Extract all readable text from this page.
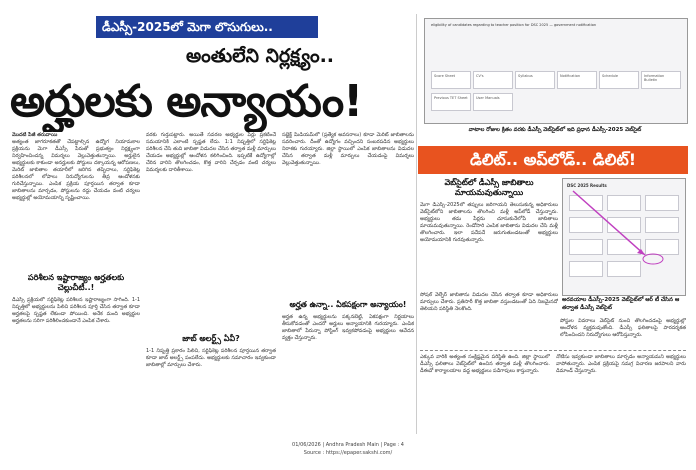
డీఎస్సీ-2025లో మెగా లొసుగులు..
అంతులేని నిర్లక్ష్యం..
అర్హులకు అన్యాయం!
మొదటి పేజీ తరువాయి
అత్యంత జాగరూకతతో చేపట్టాల్సిన ఉద్యోగ నియామకాల ప్రక్రియను మెగా డీఎస్సీ పేరుతో ప్రభుత్వం నిర్లక్ష్యంగా నిర్వహించిందన్న విమర్శలు వెల్లువెత్తుతున్నాయి. అర్హులైన అభ్యర్థులకు కాకుండా అనర్హులకు పోస్టులు దక్కాయన్న ఆరోపణలు, మెరిట్ జాబితాల తయారీలో జరిగిన తప్పిదాలు, సర్టిఫికెట్ల పరిశీలనలో లోపాలు నిరుద్యోగులను తీవ్ర ఆందోళనకు గురిచేస్తున్నాయి. ఎంపిక ప్రక్రియ పూర్తయిన తర్వాత కూడా జాబితాలను మార్చడం, పోస్టులను రద్దు చేయడం వంటి చర్యలు అభ్యర్థుల్లో అయోమయాన్ని సృష్టించాయి.
పరిశీలన ఇష్టారాజ్యం అర్హతలకు చెల్లుచీటీ..!
డీఎస్సీ ప్రక్రియలో సర్టిఫికెట్ల పరిశీలన ఇష్టారాజ్యంగా సాగింది. 1-1 నిష్పత్తిలో అభ్యర్థులను పిలిచి పరిశీలన పూర్తి చేసిన తర్వాత కూడా అర్హతలపై స్పష్టత లేకుండా పోయింది. అనేక మంది అభ్యర్థుల అర్హతలను సరిగా పరిశీలించకుండానే ఎంపిక చేశారు.
వరకు గుర్తుపట్టారు. అయితే సవరణ అభ్యర్థుల పేర్లు ప్రకటించే సమయానికి ఎలాంటి స్పష్టత లేదు. 1:1 నిష్పత్తిలో సర్టిఫికెట్ల పరిశీలన చేసి తుది జాబితా విడుదల చేసిన తర్వాత మళ్లీ మార్పులు చేయడం అభ్యర్థుల్లో ఆందోళన కలిగించింది. ఇప్పటికే ఉద్యోగాల్లో చేరిన వారిని తొలగించడం, కొత్త వారిని చేర్చడం వంటి చర్యలు విమర్శలకు దారితీశాయి.
జాబ్ అలర్ట్స్ ఏవీ?
1-1 నిష్పత్తి ప్రకారం పిలిచి, సర్టిఫికెట్ల పరిశీలన పూర్తయిన తర్వాత కూడా జాబ్ అలర్ట్స్ పంపలేదు. అభ్యర్థులకు సమాచారం ఇవ్వకుండా జాబితాల్లో మార్పులు చేశారు.
సబ్జెక్ట్‌ మీడియమ్‌లో (ప్రత్యేక అవసరాలు) కూడా మెరిట్ జాబితాలను సవరించారు. దీంతో ఉద్యోగం వచ్చిందని సంబరపడిన అభ్యర్థులు నిరాశకు గురయ్యారు. జిల్లా స్థాయిలో ఎంపిక జాబితాలను విడుదల చేసిన తర్వాత మళ్లీ మార్పులు చేయడంపై విమర్శలు వెల్లువెత్తుతున్నాయి.
అర్హత ఉన్నా.. ఏకపక్షంగా అన్యాయం!
అర్హత ఉన్న అభ్యర్థులను పక్కనబెట్టి, ఏకపక్షంగా నిర్ణయాలు తీసుకోవడంతో ఎందరో అర్హులు అన్యాయానికి గురయ్యారు. ఎంపిక జాబితాలో పేరున్నా పోస్టింగ్ ఇవ్వకపోవడంపై అభ్యర్థులు ఆవేదన వ్యక్తం చేస్తున్నారు.
eligibility of candidates regarding to teacher position for DSC 2025 — government notification
Score Sheet	CV's	Syllabus	Notification	Schedule	Information Bulletin
Previous TET Sheet	User Manuals
వాటాల రోజుల క్రితం వరకు డీఎస్సీ వెబ్‌సైట్‌లో ఇది ప్రధాన డీఎస్సీ-2025 వెబ్‌సైట్
డిలిట్.. అప్‌లోడ్.. డిలిట్!
వెబ్‌సైట్‌లో డీఎస్సీ జాబితాలు మాయమవుతున్నాయి
మెగా డీఎస్సీ-2025లో తప్పులు జరిగాయని తెలుసుకున్న అధికారులు వెబ్‌సైట్‌లోని జాబితాలను తొలగించి మళ్లీ అప్‌లోడ్ చేస్తున్నారు. అభ్యర్థులు తమ పేర్లను చూసుకునేలోపే జాబితాలు మాయమవుతున్నాయి. రెండోసారి ఎంపిక జాబితాను విడుదల చేసి మళ్లీ తొలగించారు. ఇలా పదేపదే జరుగుతుండటంతో అభ్యర్థులు అయోమయానికి గురవుతున్నారు.
సోషల్ వెల్ఫేర్ జాబితాను విడుదల చేసిన తర్వాత కూడా అధికారులు మార్పులు చేశారు. ప్రతిసారీ కొత్త జాబితా వస్తుండటంతో ఏది నిజమైనదో తెలియని పరిస్థితి నెలకొంది.
DSC 2025 Results
అరవయాల డీఎస్సీ-2025 వెబ్‌సైట్‌లో ఆర్ టీ చేసిన ఆ తర్వాత డీఎస్సీ వెబ్‌సైట్
పోస్టుల వివరాలు వెబ్‌సైట్ నుంచి తొలగించడంపై అభ్యర్థుల్లో ఆందోళన వ్యక్తమవుతోంది. డీఎస్సీ ఫలితాలపై పారదర్శకత లోపించిందని నిరుద్యోగులు ఆరోపిస్తున్నారు.
ఎక్కువ వారికి అత్యంత సంక్లిష్టమైన పరిస్థితి ఉంది. జిల్లా స్థాయిలో డీఎస్సీ ఫలితాలు వెబ్‌సైట్‌లో ఉంచిన తర్వాత మళ్లీ తొలగించారు. డీఈవో కార్యాలయాల వద్ద అభ్యర్థులు పడిగాపులు కాస్తున్నారు.
నోటీసు ఇవ్వకుండా జాబితాలు మార్చడం అన్యాయమని అభ్యర్థులు వాపోతున్నారు. ఎంపిక ప్రక్రియపై సమగ్ర విచారణ జరపాలని వారు డిమాండ్ చేస్తున్నారు.
01/06/2026 | Andhra Pradesh Main | Page : 4
Source : https://epaper.sakshi.com/
